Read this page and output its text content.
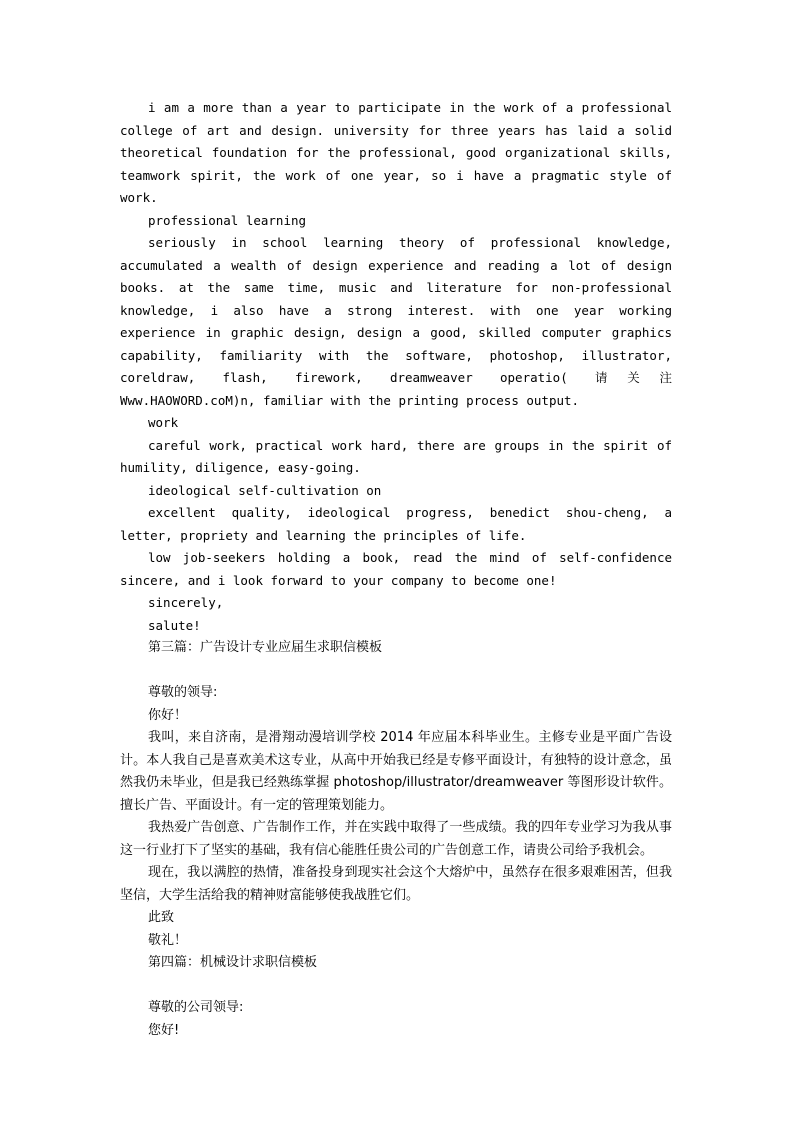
i am a more than a year to participate in the work of a professional college of art and design. university for three years has laid a solid theoretical foundation for the professional, good organizational skills, teamwork spirit, the work of one year, so i have a pragmatic style of work.

professional learning

seriously in school learning theory of professional knowledge, accumulated a wealth of design experience and reading a lot of design books. at the same time, music and literature for non-professional knowledge, i also have a strong interest. with one year working experience in graphic design, design a good, skilled computer graphics capability, familiarity with the software, photoshop, illustrator, coreldraw, flash, firework, dreamweaver operatio( 请关注 Www.HAOWORD.coM)n, familiar with the printing process output.

work

careful work, practical work hard, there are groups in the spirit of humility, diligence, easy-going.

ideological self-cultivation on

excellent quality, ideological progress, benedict shou-cheng, a letter, propriety and learning the principles of life.

low job-seekers holding a book, read the mind of self-confidence sincere, and i look forward to your company to become one!

sincerely,

salute!

第三篇：广告设计专业应届生求职信模板

尊敬的领导:

你好！

我叫，来自济南，是滑翔动漫培训学校 2014 年应届本科毕业生。主修专业是平面广告设计。本人我自己是喜欢美术这专业，从高中开始我已经是专修平面设计，有独特的设计意念，虽然我仍未毕业，但是我已经熟练掌握 photoshop/illustrator/dreamweaver 等图形设计软件。擅长广告、平面设计。有一定的管理策划能力。

我热爱广告创意、广告制作工作，并在实践中取得了一些成绩。我的四年专业学习为我从事这一行业打下了坚实的基础，我有信心能胜任贵公司的广告创意工作，请贵公司给予我机会。

现在，我以满腔的热情，准备投身到现实社会这个大熔炉中，虽然存在很多艰难困苦，但我坚信，大学生活给我的精神财富能够使我战胜它们。

此致

敬礼！

第四篇：机械设计求职信模板

尊敬的公司领导:

您好!
